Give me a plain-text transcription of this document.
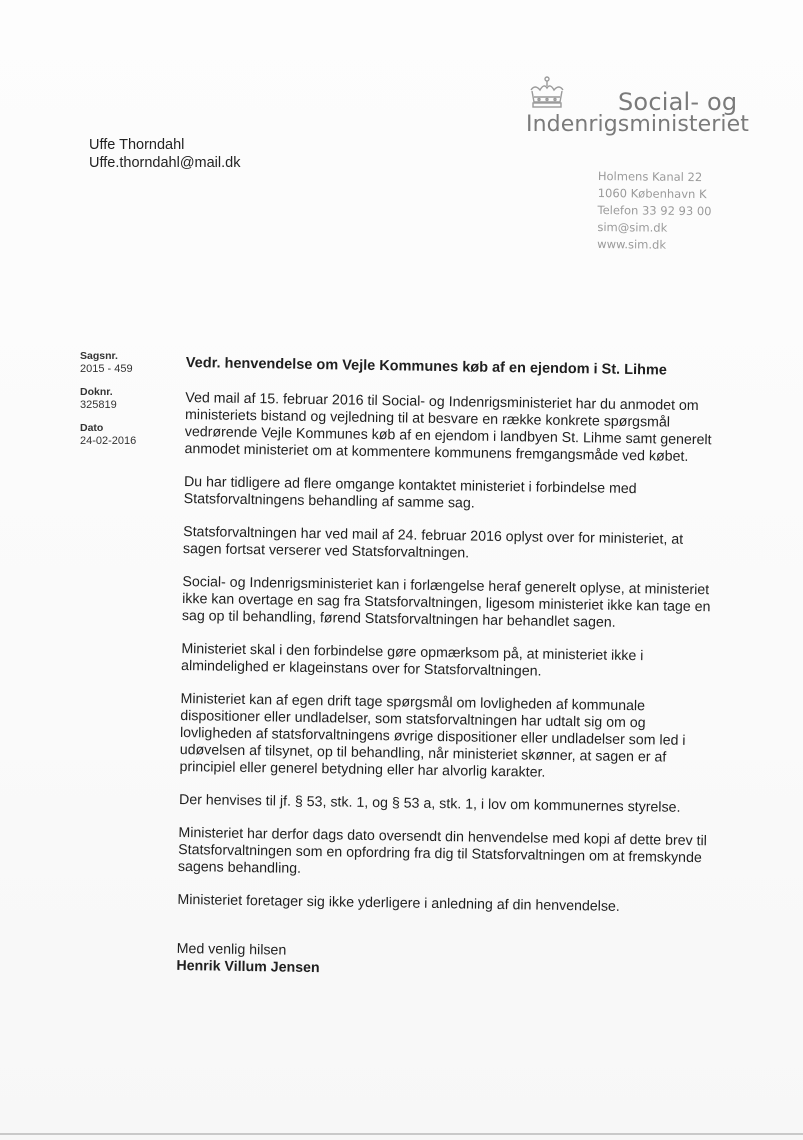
Social- og
Indenrigsministeriet
Uffe Thorndahl
Uffe.thorndahl@mail.dk
Holmens Kanal 22
1060 København K
Telefon 33 92 93 00
sim@sim.dk
www.sim.dk
Sagsnr.
2015 - 459
Doknr.
325819
Dato
24-02-2016
Vedr. henvendelse om Vejle Kommunes køb af en ejendom i St. Lihme

Ved mail af 15. februar 2016 til Social- og Indenrigsministeriet har du anmodet om ministeriets bistand og vejledning til at besvare en række konkrete spørgsmål vedrørende Vejle Kommunes køb af en ejendom i landbyen St. Lihme samt generelt anmodet ministeriet om at kommentere kommunens fremgangsmåde ved købet.

Du har tidligere ad flere omgange kontaktet ministeriet i forbindelse med Statsforvaltningens behandling af samme sag.

Statsforvaltningen har ved mail af 24. februar 2016 oplyst over for ministeriet, at sagen fortsat verserer ved Statsforvaltningen.

Social- og Indenrigsministeriet kan i forlængelse heraf generelt oplyse, at ministeriet ikke kan overtage en sag fra Statsforvaltningen, ligesom ministeriet ikke kan tage en sag op til behandling, førend Statsforvaltningen har behandlet sagen.

Ministeriet skal i den forbindelse gøre opmærksom på, at ministeriet ikke i almindelighed er klageinstans over for Statsforvaltningen.

Ministeriet kan af egen drift tage spørgsmål om lovligheden af kommunale dispositioner eller undladelser, som statsforvaltningen har udtalt sig om og lovligheden af statsforvaltningens øvrige dispositioner eller undladelser som led i udøvelsen af tilsynet, op til behandling, når ministeriet skønner, at sagen er af principiel eller generel betydning eller har alvorlig karakter.

Der henvises til jf. § 53, stk. 1, og § 53 a, stk. 1, i lov om kommunernes styrelse.

Ministeriet har derfor dags dato oversendt din henvendelse med kopi af dette brev til Statsforvaltningen som en opfordring fra dig til Statsforvaltningen om at fremskynde sagens behandling.

Ministeriet foretager sig ikke yderligere i anledning af din henvendelse.

Med venlig hilsen
Henrik Villum Jensen
